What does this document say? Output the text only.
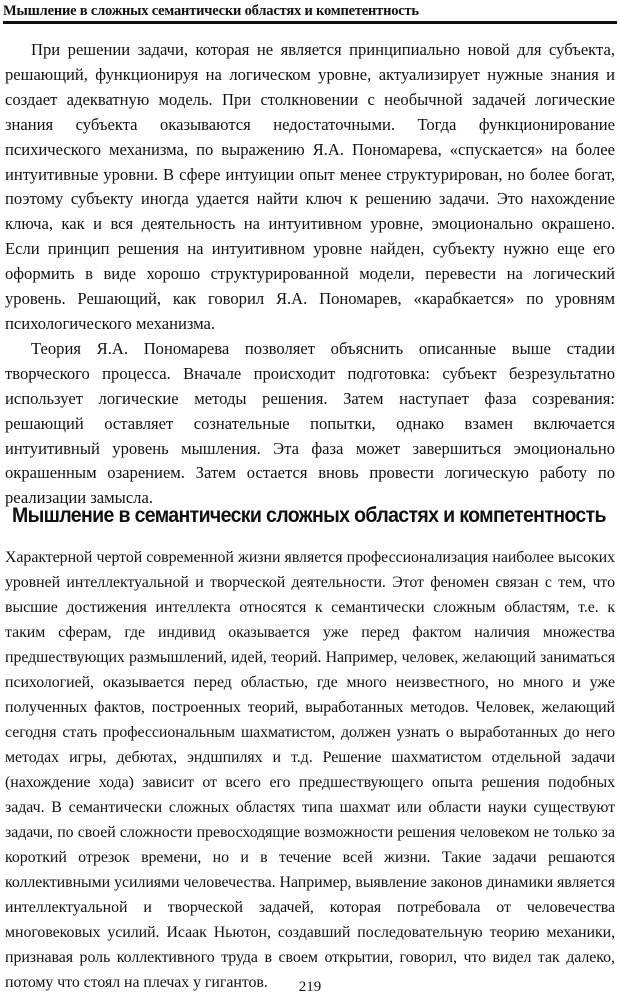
Мышление в сложных семантически областях и компетентность

При решении задачи, которая не является принципиально новой для субъекта, решающий, функционируя на логическом уровне, актуализирует нужные знания и создает адекватную модель. При столкновении с необычной задачей логические знания субъекта оказываются недостаточными. Тогда функционирование психического механизма, по выражению Я.А. Пономарева, «спускается» на более интуитивные уровни. В сфере интуиции опыт менее структурирован, но более богат, поэтому субъекту иногда удается найти ключ к решению задачи. Это нахождение ключа, как и вся деятельность на интуитивном уровне, эмоционально окрашено. Если принцип решения на интуитивном уровне найден, субъекту нужно еще его оформить в виде хорошо структурированной модели, перевести на логический уровень. Решающий, как говорил Я.А. Пономарев, «карабкается» по уровням психологического механизма.

Теория Я.А. Пономарева позволяет объяснить описанные выше стадии творческого процесса. Вначале происходит подготовка: субъект безрезультатно использует логические методы решения. Затем наступает фаза созревания: решающий оставляет сознательные попытки, однако взамен включается интуитивный уровень мышления. Эта фаза может завершиться эмоционально окрашенным озарением. Затем остается вновь провести логическую работу по реализации замысла.

Мышление в семантически сложных областях и компетентность

Характерной чертой современной жизни является профессионализация наиболее высоких уровней интеллектуальной и творческой деятельности. Этот феномен связан с тем, что высшие достижения интеллекта относятся к семантически сложным областям, т.е. к таким сферам, где индивид оказывается уже перед фактом наличия множества предшествующих размышлений, идей, теорий. Например, человек, желающий заниматься психологией, оказывается перед областью, где много неизвестного, но много и уже полученных фактов, построенных теорий, выработанных методов. Человек, желающий сегодня стать профессиональным шахматистом, должен узнать о выработанных до него методах игры, дебютах, эндшпилях и т.д. Решение шахматистом отдельной задачи (нахождение хода) зависит от всего его предшествующего опыта решения подобных задач. В семантически сложных областях типа шахмат или области науки существуют задачи, по своей сложности превосходящие возможности решения человеком не только за короткий отрезок времени, но и в течение всей жизни. Такие задачи решаются коллективными усилиями человечества. Например, выявление законов динамики является интеллектуальной и творческой задачей, которая потребовала от человечества многовековых усилий. Исаак Ньютон, создавший последовательную теорию механики, признавая роль коллективного труда в своем открытии, говорил, что видел так далеко, потому что стоял на плечах у гигантов.	219
